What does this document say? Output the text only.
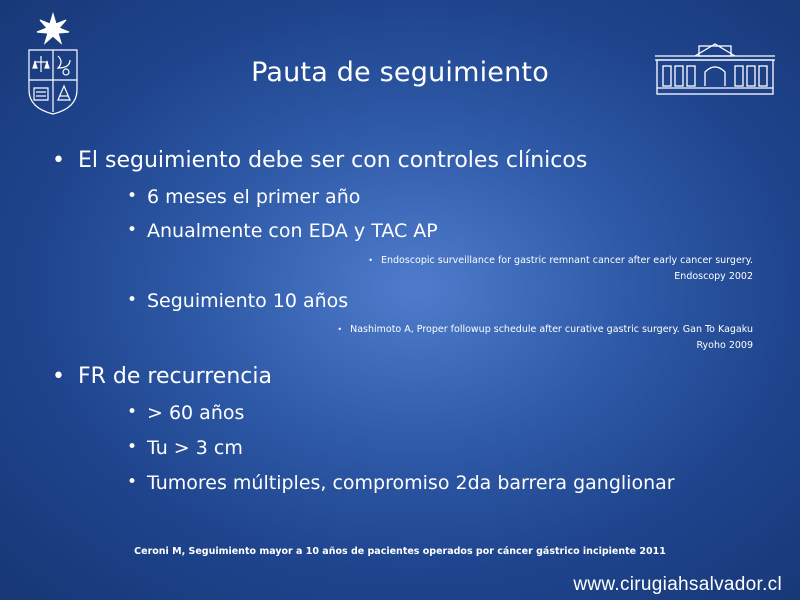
Pauta de seguimiento
• El seguimiento debe ser con controles clínicos
• 6 meses el primer año
• Anualmente con EDA y TAC AP
• Endoscopic surveillance for gastric remnant cancer after early cancer surgery.
Endoscopy 2002
• Seguimiento 10 años
• Nashimoto A, Proper followup schedule after curative gastric surgery. Gan To Kagaku
Ryoho 2009
• FR de recurrencia
• > 60 años
• Tu > 3 cm
• Tumores múltiples, compromiso 2da barrera ganglionar
Ceroni M, Seguimiento mayor a 10 años de pacientes operados por cáncer gástrico incipiente 2011
www.cirugiahsalvador.cl
